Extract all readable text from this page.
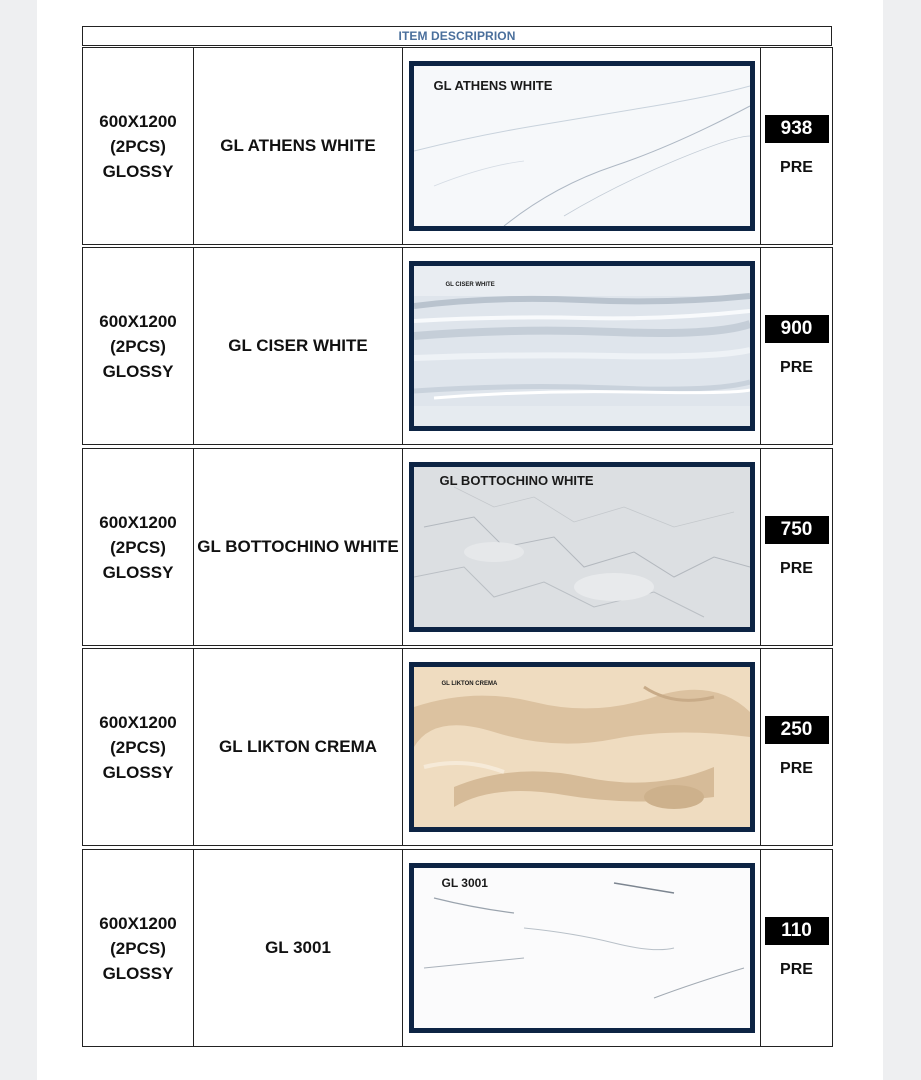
ITEM DESCRIPRION
600X1200
(2PCS)
GLOSSY
GL ATHENS WHITE
GL ATHENS WHITE
938
PRE
600X1200
(2PCS)
GLOSSY
GL CISER WHITE
GL CISER WHITE
900
PRE
600X1200
(2PCS)
GLOSSY
GL BOTTOCHINO WHITE
GL BOTTOCHINO WHITE
750
PRE
600X1200
(2PCS)
GLOSSY
GL LIKTON CREMA
GL LIKTON CREMA
250
PRE
600X1200
(2PCS)
GLOSSY
GL 3001
GL 3001
110
PRE
